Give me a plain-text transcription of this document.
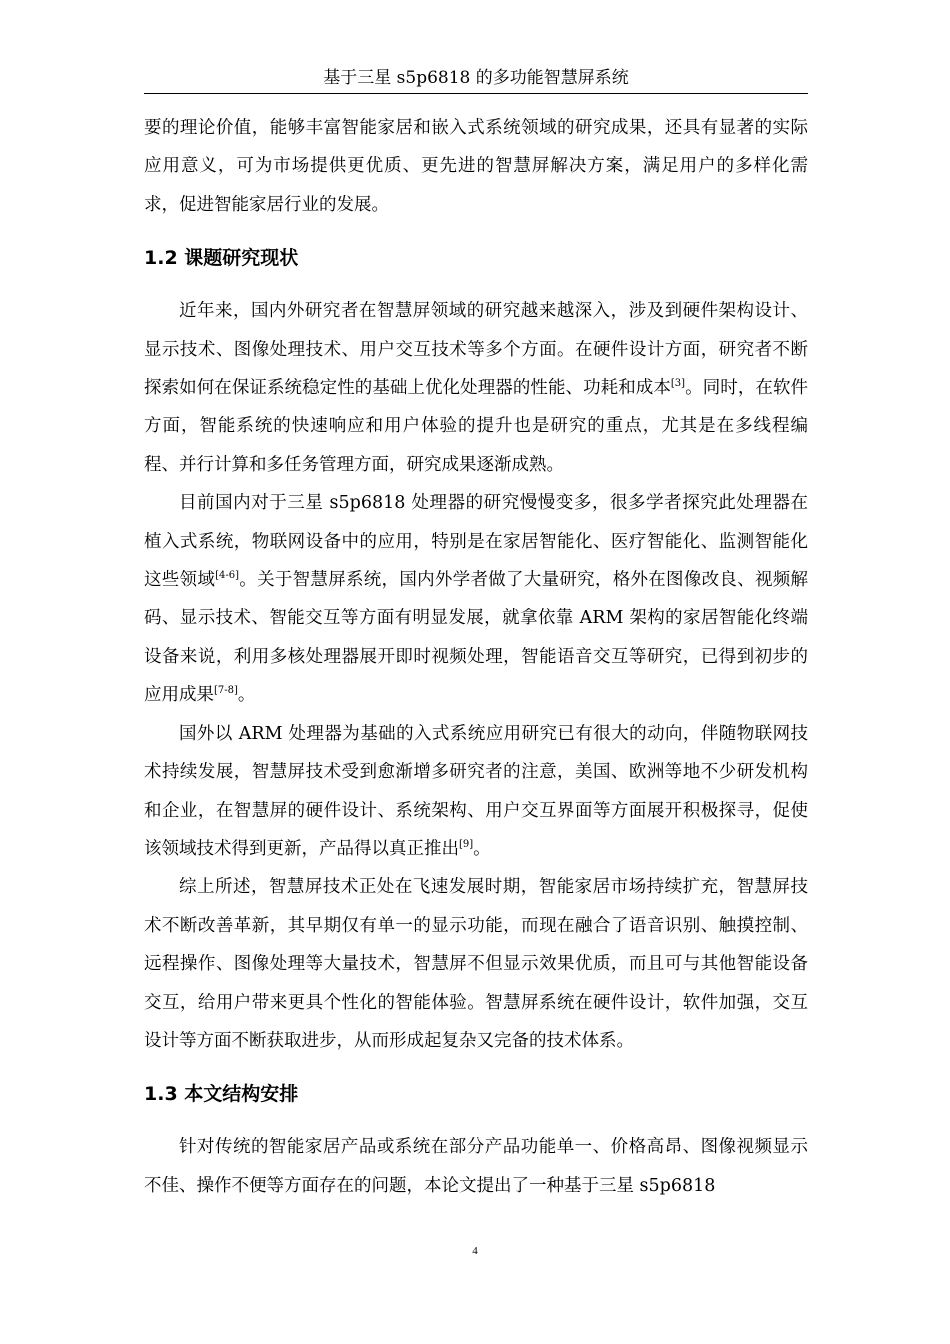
基于三星 s5p6818 的多功能智慧屏系统

要的理论价值，能够丰富智能家居和嵌入式系统领域的研究成果，还具有显著的实际应用意义，可为市场提供更优质、更先进的智慧屏解决方案，满足用户的多样化需求，促进智能家居行业的发展。

1.2 课题研究现状

近年来，国内外研究者在智慧屏领域的研究越来越深入，涉及到硬件架构设计、显示技术、图像处理技术、用户交互技术等多个方面。在硬件设计方面，研究者不断探索如何在保证系统稳定性的基础上优化处理器的性能、功耗和成本[3]。同时，在软件方面，智能系统的快速响应和用户体验的提升也是研究的重点，尤其是在多线程编程、并行计算和多任务管理方面，研究成果逐渐成熟。

目前国内对于三星 s5p6818 处理器的研究慢慢变多，很多学者探究此处理器在植入式系统，物联网设备中的应用，特别是在家居智能化、医疗智能化、监测智能化这些领域[4-6]。关于智慧屏系统，国内外学者做了大量研究，格外在图像改良、视频解码、显示技术、智能交互等方面有明显发展，就拿依靠 ARM 架构的家居智能化终端设备来说，利用多核处理器展开即时视频处理，智能语音交互等研究，已得到初步的应用成果[7-8]。

国外以 ARM 处理器为基础的入式系统应用研究已有很大的动向，伴随物联网技术持续发展，智慧屏技术受到愈渐增多研究者的注意，美国、欧洲等地不少研发机构和企业，在智慧屏的硬件设计、系统架构、用户交互界面等方面展开积极探寻，促使该领域技术得到更新，产品得以真正推出[9]。

综上所述，智慧屏技术正处在飞速发展时期，智能家居市场持续扩充，智慧屏技术不断改善革新，其早期仅有单一的显示功能，而现在融合了语音识别、触摸控制、远程操作、图像处理等大量技术，智慧屏不但显示效果优质，而且可与其他智能设备交互，给用户带来更具个性化的智能体验。智慧屏系统在硬件设计，软件加强，交互设计等方面不断获取进步，从而形成起复杂又完备的技术体系。

1.3 本文结构安排

针对传统的智能家居产品或系统在部分产品功能单一、价格高昂、图像视频显示不佳、操作不便等方面存在的问题，本论文提出了一种基于三星 s5p6818

4
